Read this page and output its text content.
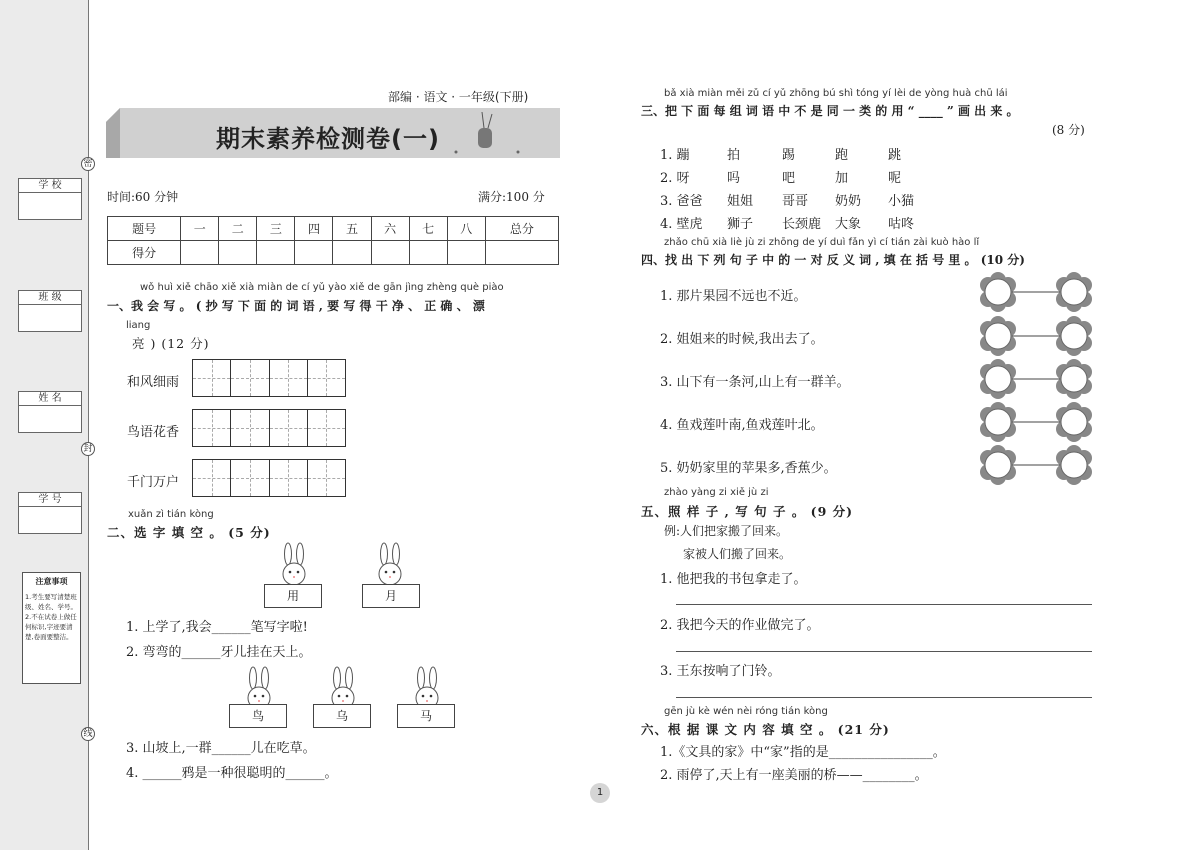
密
封
线
学 校
班 级
姓 名
学 号
注意事项
1.考生要写清楚班级、姓名、学号。2.不在试卷上做任何标识,字迹要清楚,卷面要整洁。
部编 · 语文 · 一年级(下册)
期末素养检测卷(一)
时间:60 分钟	满分:100 分
题号	一	二	三	四	五	六	七	八	总分
得分									
wǒ huì xiě chāo xiě xià miàn de cí yǔ yào xiě de gān jìng zhèng què piào
一、我 会 写 。 ( 抄 写 下 面 的 词 语 , 要 写 得 干 净 、 正 确 、 漂
liang
亮 ) (12 分)
和风细雨
鸟语花香
千门万户
xuǎn zì tián kòng
二、选 字 填 空 。 (5 分)
用	月
1. 上学了,我会______笔写字啦!
2. 弯弯的______牙儿挂在天上。
鸟	乌	马
3. 山坡上,一群______儿在吃草。
4. ______鸦是一种很聪明的______。
bǎ xià miàn měi zǔ cí yǔ zhōng bú shì tóng yí lèi de yòng huà chū lái
三、把 下 面 每 组 词 语 中 不 是 同 一 类 的 用 “ ____ ” 画 出 来 。
(8 分)
1. 蹦	拍	踢	跑	跳
2. 呀	吗	吧	加	呢
3. 爸爸 姐姐 哥哥 奶奶 小猫
4. 壁虎 狮子 长颈鹿 大象 咕咚
zhǎo chū xià liè jù zi zhōng de yí duì fǎn yì cí tián zài kuò hào lǐ
四、找 出 下 列 句 子 中 的 一 对 反 义 词 , 填 在 括 号 里 。 (10 分)
1. 那片果园不远也不近。
2. 姐姐来的时候,我出去了。
3. 山下有一条河,山上有一群羊。
4. 鱼戏莲叶南,鱼戏莲叶北。
5. 奶奶家里的苹果多,香蕉少。
zhào yàng zi xiě jù zi
五、照 样 子 , 写 句 子 。 (9 分)
例:人们把家搬了回来。
家被人们搬了回来。
1. 他把我的书包拿走了。
2. 我把今天的作业做完了。
3. 王东按响了门铃。
gēn jù kè wén nèi róng tián kòng
六、根 据 课 文 内 容 填 空 。 (21 分)
1.《文具的家》中“家”指的是________________。
2. 雨停了,天上有一座美丽的桥——________。
1
